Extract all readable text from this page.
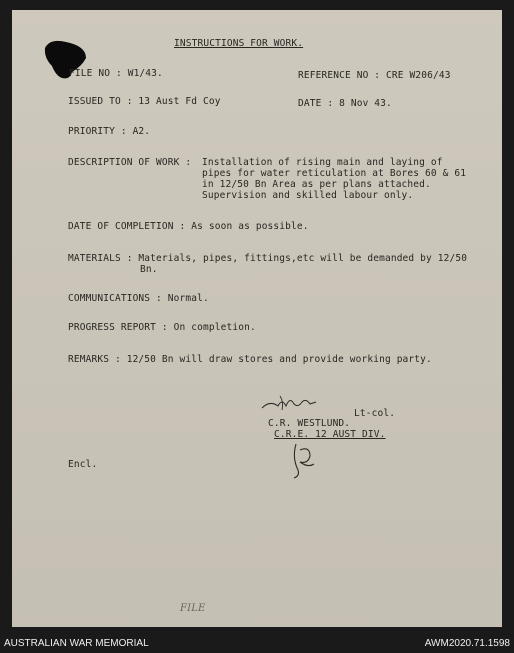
INSTRUCTIONS FOR WORK.
FILE NO : W1/43.	REFERENCE NO : CRE W206/43
ISSUED TO : 13 Aust Fd Coy	DATE : 8 Nov 43.
PRIORITY : A2.
DESCRIPTION OF WORK : Installation of rising main and laying of
pipes for water reticulation at Bores 60 & 61
in 12/50 Bn Area as per plans attached.
Supervision and skilled labour only.
DATE OF COMPLETION : As soon as possible.
MATERIALS : Materials, pipes, fittings,etc will be demanded by 12/50
Bn.
COMMUNICATIONS : Normal.
PROGRESS REPORT : On completion.
REMARKS : 12/50 Bn will draw stores and provide working party.
Lt-col.
C.R. WESTLUND.
C.R.E. 12 AUST DIV.
Encl.
FILE
AUSTRALIAN WAR MEMORIAL	AWM2020.71.1598
